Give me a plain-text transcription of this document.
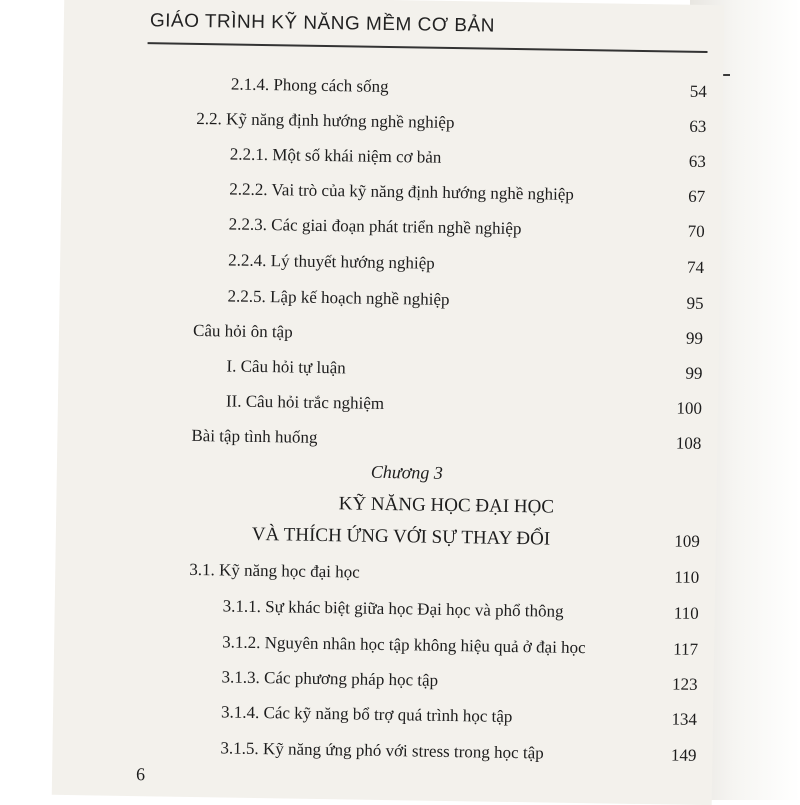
GIÁO TRÌNH KỸ NĂNG MỀM CƠ BẢN
2.1.4. Phong cách sống	54
2.2. Kỹ năng định hướng nghề nghiệp	63
2.2.1. Một số khái niệm cơ bản	63
2.2.2. Vai trò của kỹ năng định hướng nghề nghiệp	67
2.2.3. Các giai đoạn phát triển nghề nghiệp	70
2.2.4. Lý thuyết hướng nghiệp	74
2.2.5. Lập kế hoạch nghề nghiệp	95
Câu hỏi ôn tập	99
I. Câu hỏi tự luận	99
II. Câu hỏi trắc nghiệm	100
Bài tập tình huống	108
Chương 3
KỸ NĂNG HỌC ĐẠI HỌC
VÀ THÍCH ỨNG VỚI SỰ THAY ĐỔI	109
3.1. Kỹ năng học đại học	110
3.1.1. Sự khác biệt giữa học Đại học và phổ thông	110
3.1.2. Nguyên nhân học tập không hiệu quả ở đại học	117
3.1.3. Các phương pháp học tập	123
3.1.4. Các kỹ năng bổ trợ quá trình học tập	134
3.1.5. Kỹ năng ứng phó với stress trong học tập	149
6
